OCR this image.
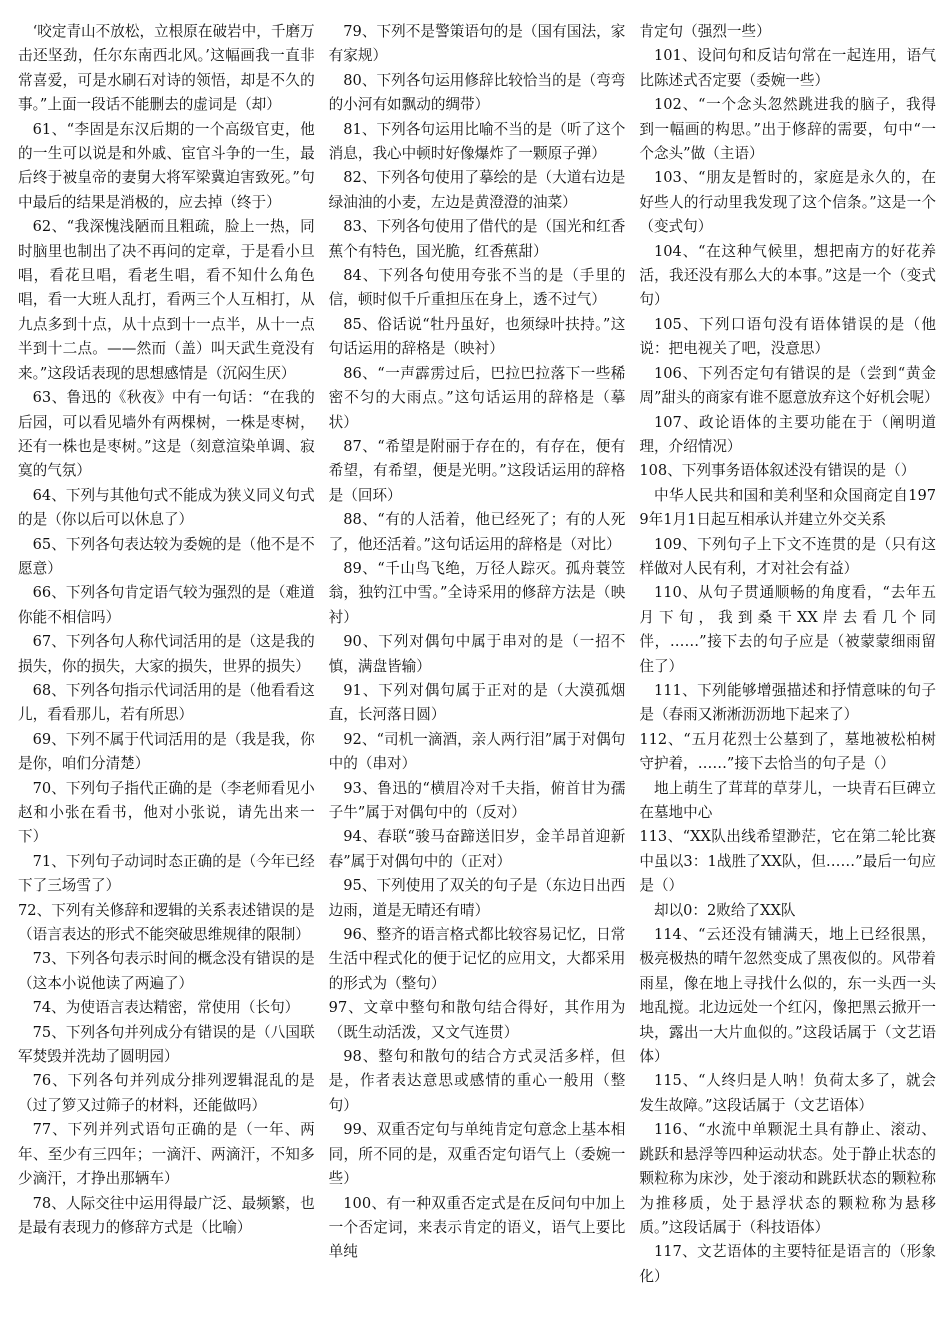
‘咬定青山不放松，立根原在破岩中，千磨万击还坚劲，任尔东南西北风。’这幅画我一直非常喜爱，可是水刷石对诗的领悟，却是不久的事。”上面一段话不能删去的虚词是（却）

61、“李固是东汉后期的一个高级官吏，他的一生可以说是和外戚、宦官斗争的一生，最后终于被皇帝的妻舅大将军梁冀迫害致死。”句中最后的结果是消极的，应去掉（终于）

62、“我深愧浅陋而且粗疏，脸上一热，同时脑里也制出了决不再问的定章，于是看小旦唱，看花旦唱，看老生唱，看不知什么角色唱，看一大班人乱打，看两三个人互相打，从九点多到十点，从十点到十一点半，从十一点半到十二点。——然而（盖）叫天武生竟没有来。”这段话表现的思想感情是（沉闷生厌）

63、鲁迅的《秋夜》中有一句话：“在我的后园，可以看见墙外有两棵树，一株是枣树，还有一株也是枣树。”这是（刻意渲染单调、寂寞的气氛）

64、下列与其他句式不能成为狭义同义句式的是（你以后可以休息了）

65、下列各句表达较为委婉的是（他不是不愿意）

66、下列各句肯定语气较为强烈的是（难道你能不相信吗）

67、下列各句人称代词活用的是（这是我的损失，你的损失，大家的损失，世界的损失）

68、下列各句指示代词活用的是（他看看这儿，看看那儿，若有所思）

69、下列不属于代词活用的是（我是我，你是你，咱们分清楚）

70、下列句子指代正确的是（李老师看见小赵和小张在看书，他对小张说，请先出来一下）

71、下列句子动词时态正确的是（今年已经下了三场雪了）

72、下列有关修辞和逻辑的关系表述错误的是（语言表达的形式不能突破思维规律的限制）

73、下列各句表示时间的概念没有错误的是（这本小说他读了两遍了）

74、为使语言表达精密，常使用（长句）

75、下列各句并列成分有错误的是（八国联军焚毁并洗劫了圆明园）

76、下列各句并列成分排列逻辑混乱的是（过了箩又过筛子的材料，还能做吗）

77、下列并列式语句正确的是（一年、两年、至少有三四年；一滴汗、两滴汗，不知多少滴汗，才挣出那辆车）

78、人际交往中运用得最广泛、最频繁，也是最有表现力的修辞方式是（比喻）

79、下列不是警策语句的是（国有国法，家有家规）

80、下列各句运用修辞比较恰当的是（弯弯的小河有如飘动的绸带）

81、下列各句运用比喻不当的是（听了这个消息，我心中顿时好像爆炸了一颗原子弹）

82、下列各句使用了摹绘的是（大道右边是绿油油的小麦，左边是黄澄澄的油菜）

83、下列各句使用了借代的是（国光和红香蕉个有特色，国光脆，红香蕉甜）

84、下列各句使用夸张不当的是（手里的信，顿时似千斤重担压在身上，透不过气）

85、俗话说“牡丹虽好，也须绿叶扶持。”这句话运用的辞格是（映衬）

86、“一声霹雳过后，巴拉巴拉落下一些稀密不匀的大雨点。”这句话运用的辞格是（摹状）

87、“希望是附丽于存在的，有存在，便有希望，有希望，便是光明。”这段话运用的辞格是（回环）

88、“有的人活着，他已经死了；有的人死了，他还活着。”这句话运用的辞格是（对比）

89、“千山鸟飞绝，万径人踪灭。孤舟蓑笠翁，独钓江中雪。”全诗采用的修辞方法是（映衬）

90、下列对偶句中属于串对的是（一招不慎，满盘皆输）

91、下列对偶句属于正对的是（大漠孤烟直，长河落日圆）

92、“司机一滴酒，亲人两行泪”属于对偶句中的（串对）

93、鲁迅的“横眉冷对千夫指，俯首甘为孺子牛”属于对偶句中的（反对）

94、春联“骏马奋蹄送旧岁，金羊昂首迎新春”属于对偶句中的（正对）

95、下列使用了双关的句子是（东边日出西边雨，道是无晴还有晴）

96、整齐的语言格式都比较容易记忆，日常生活中程式化的便于记忆的应用文，大都采用的形式为（整句）

97、文章中整句和散句结合得好，其作用为（既生动活泼，又文气连贯）

98、整句和散句的结合方式灵活多样，但是，作者表达意思或感情的重心一般用（整句）

99、双重否定句与单纯肯定句意念上基本相同，所不同的是，双重否定句语气上（委婉一些）

100、有一种双重否定式是在反问句中加上一个否定词，来表示肯定的语义，语气上要比单纯

肯定句（强烈一些）

101、设问句和反诘句常在一起连用，语气比陈述式否定要（委婉一些）

102、“一个念头忽然跳进我的脑子，我得到一幅画的构思。”出于修辞的需要，句中“一个念头”做（主语）

103、“朋友是暂时的，家庭是永久的，在好些人的行动里我发现了这个信条。”这是一个（变式句）

104、“在这种气候里，想把南方的好花养活，我还没有那么大的本事。”这是一个（变式句）

105、下列口语句没有语体错误的是（他说：把电视关了吧，没意思）

106、下列否定句有错误的是（尝到“黄金周”甜头的商家有谁不愿意放弃这个好机会呢）

107、政论语体的主要功能在于（阐明道理，介绍情况）

108、下列事务语体叙述没有错误的是（）

中华人民共和国和美利坚和众国商定自1979年1月1日起互相承认并建立外交关系

109、下列句子上下文不连贯的是（只有这样做对人民有利，才对社会有益）

110、从句子贯通顺畅的角度看，“去年五月下旬，我到桑干XX岸去看几个同伴，……”接下去的句子应是（被蒙蒙细雨留住了）

111、下列能够增强描述和抒情意味的句子是（春雨又淅淅沥沥地下起来了）

112、“五月花烈士公墓到了，墓地被松柏树守护着，……”接下去恰当的句子是（）

地上萌生了茸茸的草芽儿，一块青石巨碑立在墓地中心

113、“XX队出线希望渺茫，它在第二轮比赛中虽以3：1战胜了XX队，但……”最后一句应是（）

却以0：2败给了XX队

114、“云还没有铺满天，地上已经很黑，极亮极热的晴午忽然变成了黑夜似的。风带着雨星，像在地上寻找什么似的，东一头西一头地乱搅。北边远处一个红闪，像把黑云掀开一块，露出一大片血似的。”这段话属于（文艺语体）

115、“人终归是人呐！负荷太多了，就会发生故障。”这段话属于（文艺语体）

116、“水流中单颗泥土具有静止、滚动、跳跃和悬浮等四种运动状态。处于静止状态的颗粒称为床沙，处于滚动和跳跃状态的颗粒称为推移质，处于悬浮状态的颗粒称为悬移质。”这段话属于（科技语体）

117、文艺语体的主要特征是语言的（形象化）
